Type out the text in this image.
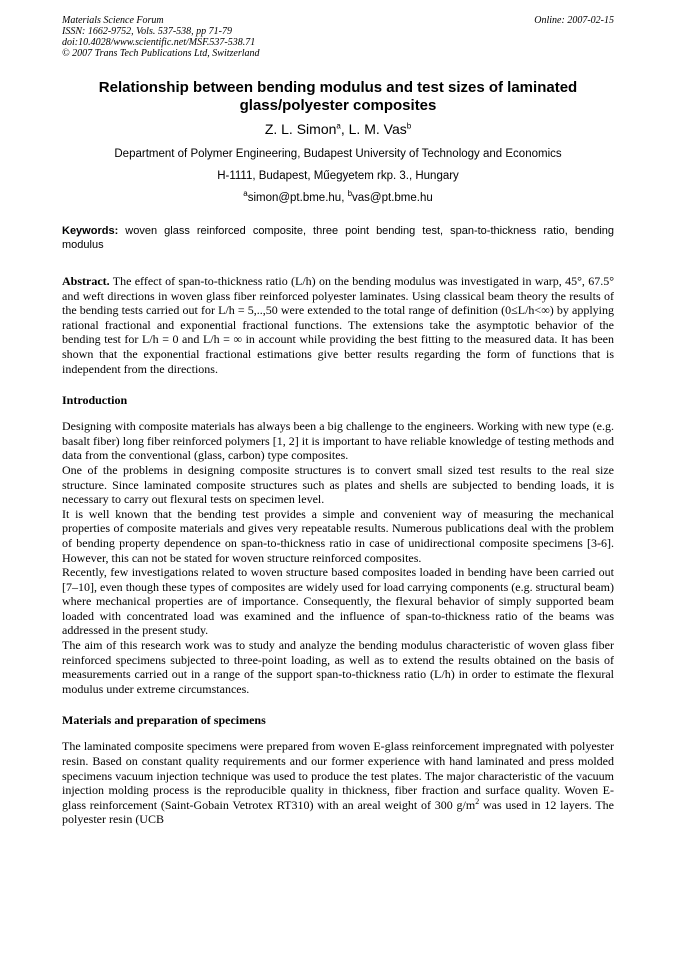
Materials Science Forum	Online: 2007-02-15
ISSN: 1662-9752, Vols. 537-538, pp 71-79
doi:10.4028/www.scientific.net/MSF.537-538.71
© 2007 Trans Tech Publications Ltd, Switzerland
Relationship between bending modulus and test sizes of laminated glass/polyester composites
Z. L. Simon$^a$, L. M. Vas$^b$
Department of Polymer Engineering, Budapest University of Technology and Economics
H-1111, Budapest, Műegyetem rkp. 3., Hungary
$^a$simon@pt.bme.hu, $^b$vas@pt.bme.hu
Keywords: woven glass reinforced composite, three point bending test, span-to-thickness ratio, bending modulus

Abstract. The effect of span-to-thickness ratio (L/h) on the bending modulus was investigated in warp, 45°, 67.5° and weft directions in woven glass fiber reinforced polyester laminates. Using classical beam theory the results of the bending tests carried out for L/h = 5,..,50 were extended to the total range of definition (0≤L/h<∞) by applying rational fractional and exponential fractional functions. The extensions take the asymptotic behavior of the bending test for L/h = 0 and L/h = ∞ in account while providing the best fitting to the measured data. It has been shown that the exponential fractional estimations give better results regarding the form of functions that is independent from the directions.

Introduction

Designing with composite materials has always been a big challenge to the engineers. Working with new type (e.g. basalt fiber) long fiber reinforced polymers [1, 2] it is important to have reliable knowledge of testing methods and data from the conventional (glass, carbon) type composites.

One of the problems in designing composite structures is to convert small sized test results to the real size structure. Since laminated composite structures such as plates and shells are subjected to bending loads, it is necessary to carry out flexural tests on specimen level.

It is well known that the bending test provides a simple and convenient way of measuring the mechanical properties of composite materials and gives very repeatable results. Numerous publications deal with the problem of bending property dependence on span-to-thickness ratio in case of unidirectional composite specimens [3-6]. However, this can not be stated for woven structure reinforced composites.

Recently, few investigations related to woven structure based composites loaded in bending have been carried out [7–10], even though these types of composites are widely used for load carrying components (e.g. structural beam) where mechanical properties are of importance. Consequently, the flexural behavior of simply supported beam loaded with concentrated load was examined and the influence of span-to-thickness ratio of the beams was addressed in the present study.

The aim of this research work was to study and analyze the bending modulus characteristic of woven glass fiber reinforced specimens subjected to three-point loading, as well as to extend the results obtained on the basis of measurements carried out in a range of the support span-to-thickness ratio (L/h) in order to estimate the flexural modulus under extreme circumstances.

Materials and preparation of specimens

The laminated composite specimens were prepared from woven E-glass reinforcement impregnated with polyester resin. Based on constant quality requirements and our former experience with hand laminated and press molded specimens vacuum injection technique was used to produce the test plates. The major characteristic of the vacuum injection molding process is the reproducible quality in thickness, fiber fraction and surface quality. Woven E-glass reinforcement (Saint-Gobain Vetrotex RT310) with an areal weight of 300 $g/m^2$ was used in 12 layers. The polyester resin (UCB
